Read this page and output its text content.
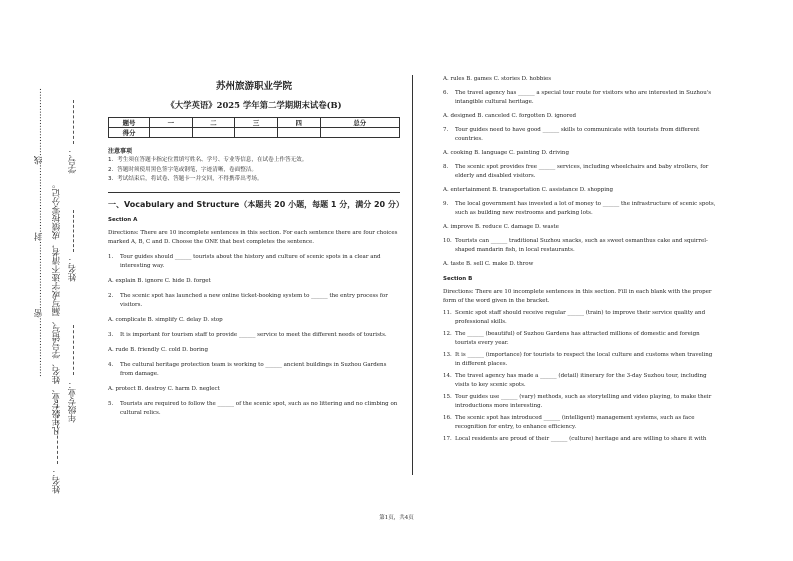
学号：
姓名：
凡年级专业、姓名、学号错写、漏写或字迹不清者，成绩按零分记。
…………………密……………………封……………………线……………………
年级专业：
姓名：
苏州旅游职业学院
《大学英语》2025 学年第二学期期末试卷(B)
题号	一	二	三	四	总分
得分					
注意事项
1．考生须在答题卡指定位置填写姓名、学号、专业等信息，在试卷上作答无效。
2．答题时须使用黑色签字笔或钢笔，字迹清晰，卷面整洁。
3．考试结束后，将试卷、答题卡一并交回，不得携带出考场。
一、Vocabulary and Structure（本题共 20 小题，每题 1 分，满分 20 分）
Section A
Directions: There are 10 incomplete sentences in this section. For each sentence there are four choices marked A, B, C and D. Choose the ONE that best completes the sentence.
1.	Tour guides should ______ tourists about the history and culture of scenic spots in a clear and interesting way.
A. explain B. ignore C. hide D. forget
2.	The scenic spot has launched a new online ticket-booking system to ______ the entry process for visitors.
A. complicate B. simplify C. delay D. stop
3.	It is important for tourism staff to provide ______ service to meet the different needs of tourists.
A. rude B. friendly C. cold D. boring
4.	The cultural heritage protection team is working to ______ ancient buildings in Suzhou Gardens from damage.
A. protect B. destroy C. harm D. neglect
5.	Tourists are required to follow the ______ of the scenic spot, such as no littering and no climbing on cultural relics.
A. rules B. games C. stories D. hobbies
6.	The travel agency has ______ a special tour route for visitors who are interested in Suzhou's intangible cultural heritage.
A. designed B. canceled C. forgotten D. ignored
7.	Tour guides need to have good ______ skills to communicate with tourists from different countries.
A. cooking B. language C. painting D. driving
8.	The scenic spot provides free ______ services, including wheelchairs and baby strollers, for elderly and disabled visitors.
A. entertainment B. transportation C. assistance D. shopping
9.	The local government has invested a lot of money to ______ the infrastructure of scenic spots, such as building new restrooms and parking lots.
A. improve B. reduce C. damage D. waste
10. Tourists can ______ traditional Suzhou snacks, such as sweet osmanthus cake and squirrel-shaped mandarin fish, in local restaurants.
A. taste B. sell C. make D. throw
Section B
Directions: There are 10 incomplete sentences in this section. Fill in each blank with the proper form of the word given in the bracket.
11. Scenic spot staff should receive regular ______ (train) to improve their service quality and professional skills.
12. The ______ (beautiful) of Suzhou Gardens has attracted millions of domestic and foreign tourists every year.
13. It is ______ (importance) for tourists to respect the local culture and customs when traveling in different places.
14. The travel agency has made a ______ (detail) itinerary for the 3-day Suzhou tour, including visits to key scenic spots.
15. Tour guides use ______ (vary) methods, such as storytelling and video playing, to make their introductions more interesting.
16. The scenic spot has introduced ______ (intelligent) management systems, such as face recognition for entry, to enhance efficiency.
17. Local residents are proud of their ______ (culture) heritage and are willing to share it with
第1页，共4页
